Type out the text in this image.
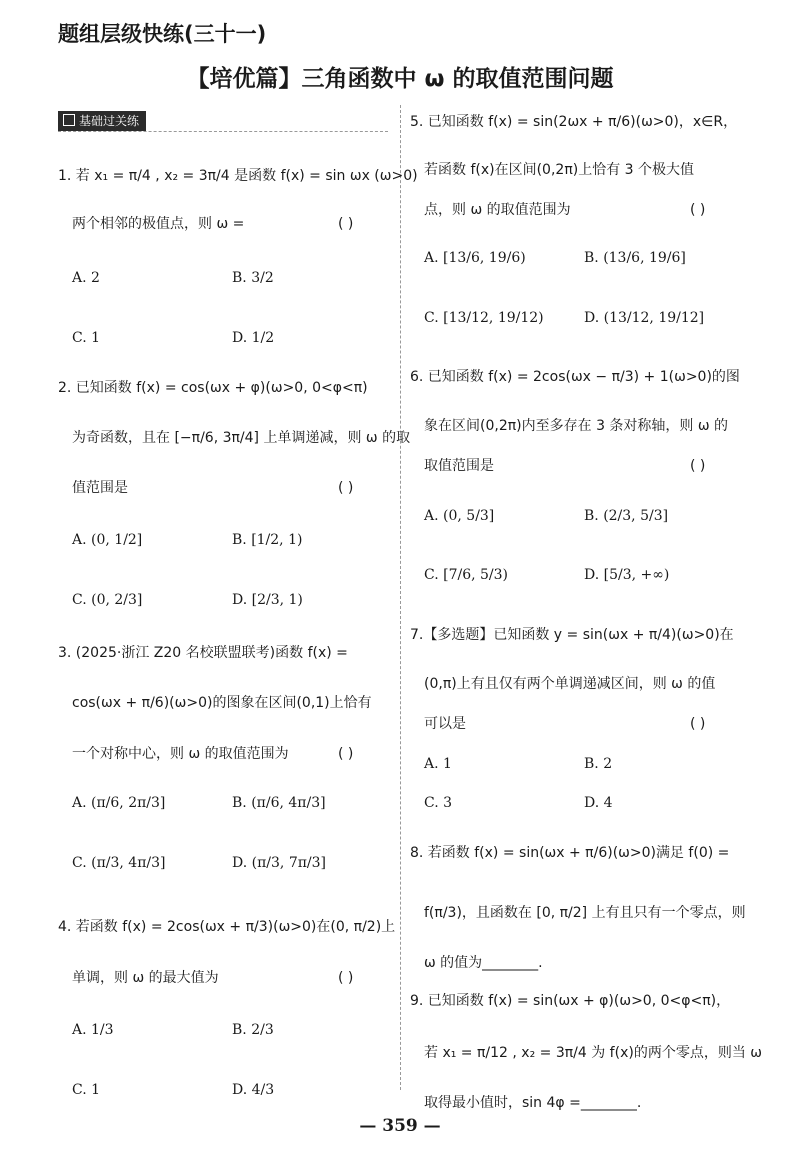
题组层级快练(三十一)
【培优篇】三角函数中 ω 的取值范围问题
基础过关练
1. 若 x₁ = π/4 , x₂ = 3π/4 是函数 f(x) = sin ωx (ω>0)
两个相邻的极值点，则 ω =	( )
A. 2	B. 3/2
C. 1	D. 1/2
2. 已知函数 f(x) = cos(ωx + φ)(ω>0, 0<φ<π)
为奇函数，且在 [−π/6, 3π/4] 上单调递减，则 ω 的取
值范围是	( )
A. (0, 1/2]	B. [1/2, 1)
C. (0, 2/3]	D. [2/3, 1)
3. (2025·浙江 Z20 名校联盟联考)函数 f(x) =
cos(ωx + π/6)(ω>0)的图象在区间(0,1)上恰有
一个对称中心，则 ω 的取值范围为	( )
A. (π/6, 2π/3]	B. (π/6, 4π/3]
C. (π/3, 4π/3]	D. (π/3, 7π/3]
4. 若函数 f(x) = 2cos(ωx + π/3)(ω>0)在(0, π/2)上
单调，则 ω 的最大值为	( )
A. 1/3	B. 2/3
C. 1	D. 4/3
5. 已知函数 f(x) = sin(2ωx + π/6)(ω>0)，x∈R，
若函数 f(x)在区间(0,2π)上恰有 3 个极大值
点，则 ω 的取值范围为	( )
A. [13/6, 19/6)	B. (13/6, 19/6]
C. [13/12, 19/12)	D. (13/12, 19/12]
6. 已知函数 f(x) = 2cos(ωx − π/3) + 1(ω>0)的图
象在区间(0,2π)内至多存在 3 条对称轴，则 ω 的
取值范围是	( )
A. (0, 5/3]	B. (2/3, 5/3]
C. [7/6, 5/3)	D. [5/3, +∞)
7.【多选题】已知函数 y = sin(ωx + π/4)(ω>0)在
(0,π)上有且仅有两个单调递减区间，则 ω 的值
可以是	( )
A. 1	B. 2
C. 3	D. 4
8. 若函数 f(x) = sin(ωx + π/6)(ω>0)满足 f(0) =
f(π/3)，且函数在 [0, π/2] 上有且只有一个零点，则
ω 的值为________.
9. 已知函数 f(x) = sin(ωx + φ)(ω>0, 0<φ<π)，
若 x₁ = π/12 , x₂ = 3π/4 为 f(x)的两个零点，则当 ω
取得最小值时，sin 4φ =________.
— 359 —
